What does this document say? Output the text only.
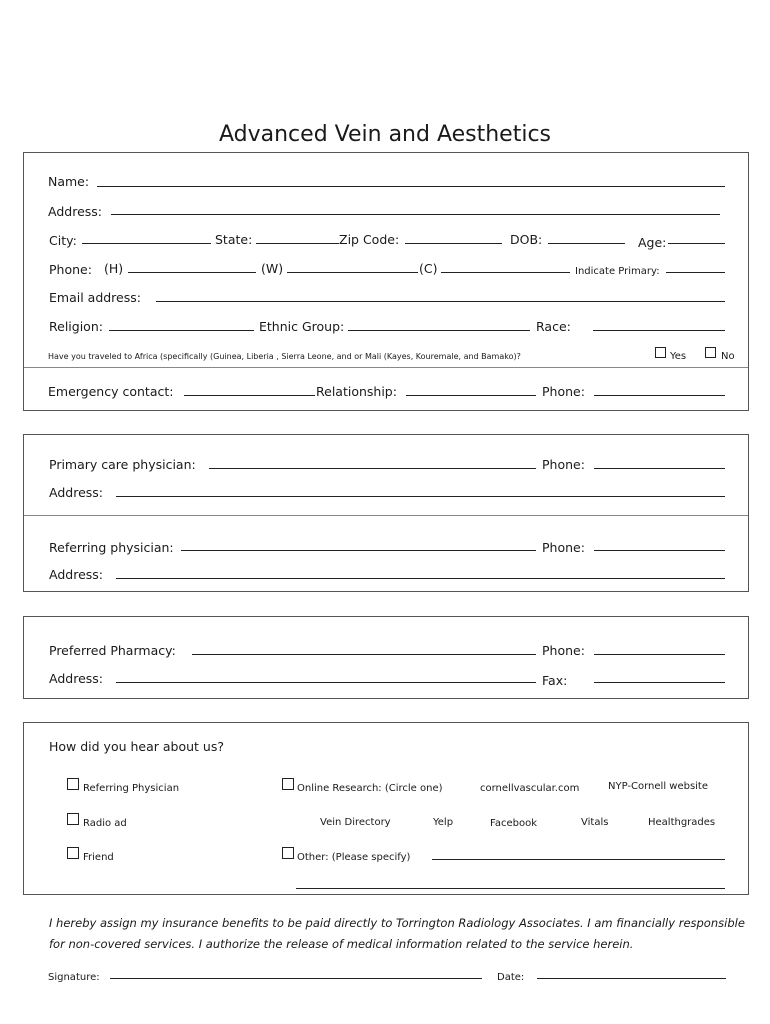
Advanced Vein and Aesthetics
Name:
Address:
City:	State:	Zip Code:	DOB:	Age:
Phone: (H)	(W)	(C)	Indicate Primary:
Email address:
Religion:	Ethnic Group:	Race:
Have you traveled to Africa (specifically (Guinea, Liberia , Sierra Leone, and or Mali (Kayes, Kouremale, and Bamako)?	Yes	No
Emergency contact:	Relationship:	Phone:
Primary care physician:	Phone:
Address:
Referring physician:	Phone:
Address:
Preferred Pharmacy:	Phone:
Address:	Fax:
How did you hear about us?
Referring Physician	Online Research: (Circle one)	cornellvascular.com	NYP-Cornell website
Radio ad	Vein Directory	Yelp	Facebook	Vitals	Healthgrades
Friend	Other: (Please specify)
I hereby assign my insurance benefits to be paid directly to Torrington Radiology Associates. I am financially responsible
for non-covered services. I authorize the release of medical information related to the service herein.
Signature:	Date:
